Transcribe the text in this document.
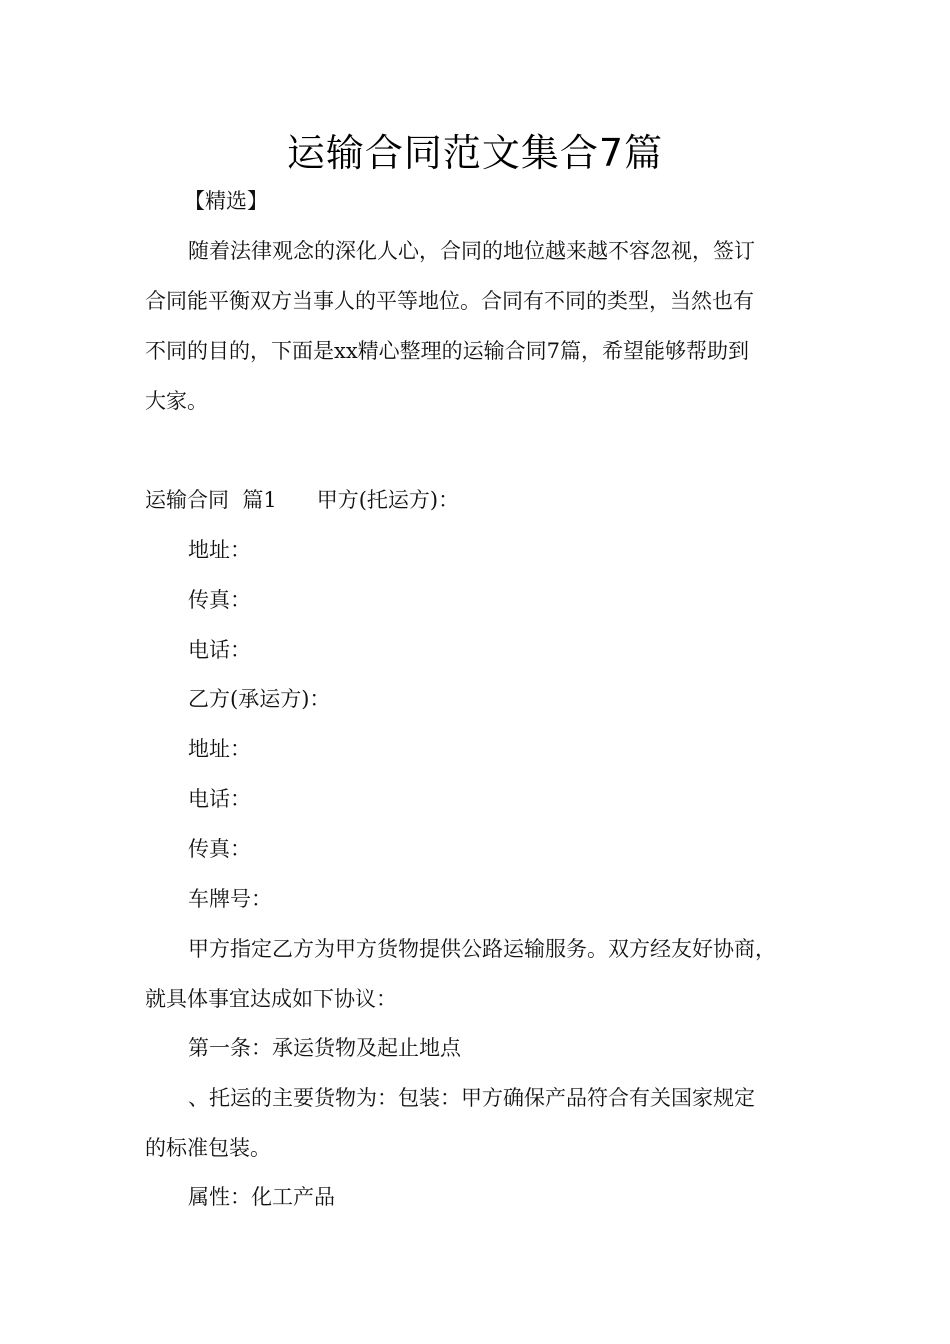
运输合同范文集合7篇
【精选】
随着法律观念的深化人心，合同的地位越来越不容忽视，签订
合同能平衡双方当事人的平等地位。合同有不同的类型，当然也有
不同的目的，下面是xx精心整理的运输合同7篇，希望能够帮助到
大家。
运输合同  篇1 甲方(托运方)：
地址：
传真：
电话：
乙方(承运方)：
地址：
电话：
传真：
车牌号：
甲方指定乙方为甲方货物提供公路运输服务。双方经友好协商，
就具体事宜达成如下协议：
第一条：承运货物及起止地点
、托运的主要货物为：包装：甲方确保产品符合有关国家规定
的标准包装。
属性：化工产品
